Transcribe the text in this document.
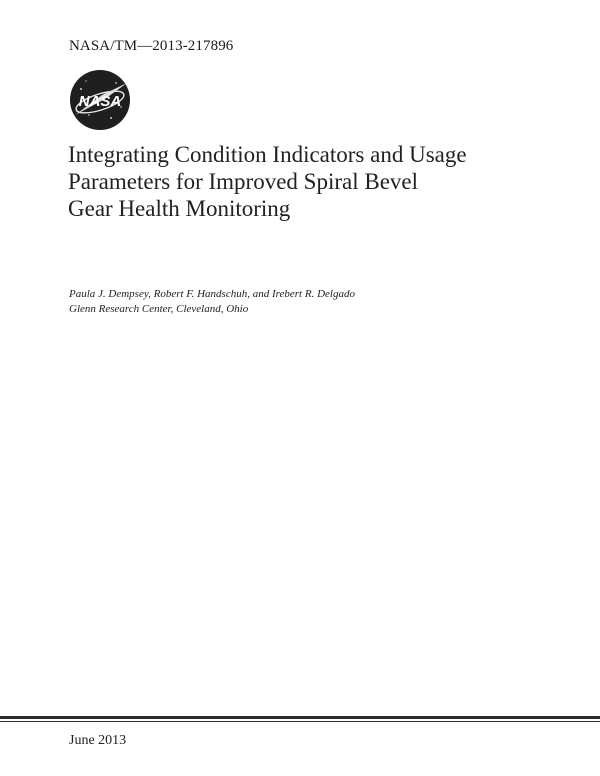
NASA/TM—2013-217896
NASA
Integrating Condition Indicators and Usage
Parameters for Improved Spiral Bevel
Gear Health Monitoring
Paula J. Dempsey, Robert F. Handschuh, and Irebert R. Delgado
Glenn Research Center, Cleveland, Ohio
June 2013
